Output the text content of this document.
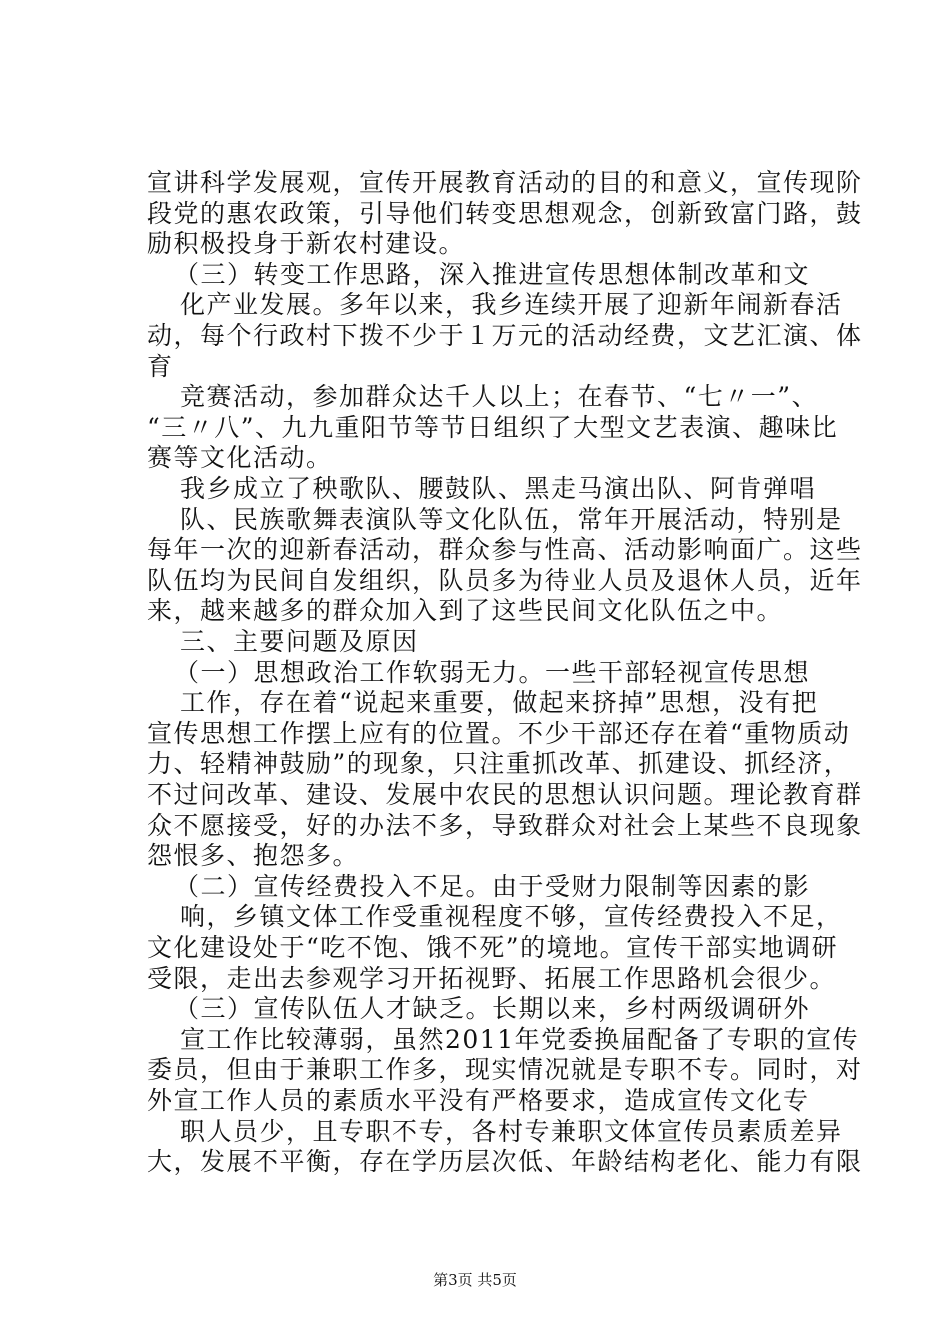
宣讲科学发展观，宣传开展教育活动的目的和意义，宣传现阶
段党的惠农政策，引导他们转变思想观念，创新致富门路，鼓
励积极投身于新农村建设。
（三）转变工作思路，深入推进宣传思想体制改革和文
化产业发展。多年以来，我乡连续开展了迎新年闹新春活
动，每个行政村下拨不少于１万元的活动经费，文艺汇演、体
育
竞赛活动，参加群众达千人以上；在春节、“七〃一”、
“三〃八”、九九重阳节等节日组织了大型文艺表演、趣味比
赛等文化活动。
我乡成立了秧歌队、腰鼓队、黑走马演出队、阿肯弹唱
队、民族歌舞表演队等文化队伍，常年开展活动，特别是
每年一次的迎新春活动，群众参与性高、活动影响面广。这些
队伍均为民间自发组织，队员多为待业人员及退休人员，近年
来，越来越多的群众加入到了这些民间文化队伍之中。
三、主要问题及原因
（一）思想政治工作软弱无力。一些干部轻视宣传思想
工作，存在着“说起来重要，做起来挤掉”思想，没有把
宣传思想工作摆上应有的位置。不少干部还存在着“重物质动
力、轻精神鼓励”的现象，只注重抓改革、抓建设、抓经济，
不过问改革、建设、发展中农民的思想认识问题。理论教育群
众不愿接受，好的办法不多，导致群众对社会上某些不良现象
怨恨多、抱怨多。
（二）宣传经费投入不足。由于受财力限制等因素的影
响，乡镇文体工作受重视程度不够，宣传经费投入不足，
文化建设处于“吃不饱、饿不死”的境地。宣传干部实地调研
受限，走出去参观学习开拓视野、拓展工作思路机会很少。
（三）宣传队伍人才缺乏。长期以来，乡村两级调研外
宣工作比较薄弱，虽然2011年党委换届配备了专职的宣传
委员，但由于兼职工作多，现实情况就是专职不专。同时，对
外宣工作人员的素质水平没有严格要求，造成宣传文化专
职人员少，且专职不专，各村专兼职文体宣传员素质差异
大，发展不平衡，存在学历层次低、年龄结构老化、能力有限
第3页 共5页
